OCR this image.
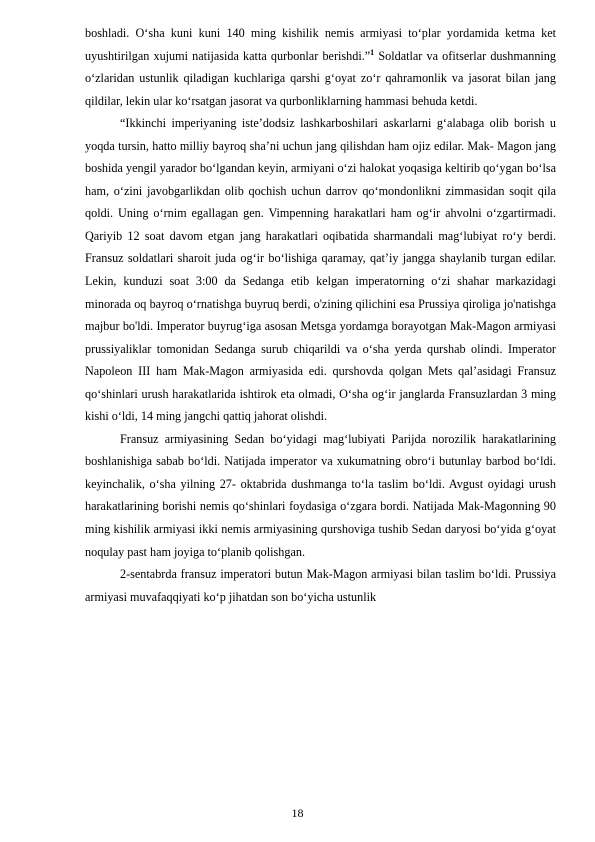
boshladi. O‘sha kuni kuni 140 ming kishilik nemis armiyasi to‘plar yordamida ketma ket uyushtirilgan xujumi natijasida katta qurbonlar berishdi.”$^1$ Soldatlar va ofitserlar dushmanning o‘zlaridan ustunlik qiladigan kuchlariga qarshi g‘oyat zo‘r qahramonlik va jasorat bilan jang qildilar, lekin ular ko‘rsatgan jasorat va qurbonliklarning hammasi behuda ketdi.

“Ikkinchi imperiyaning iste’dodsiz lashkarboshilari askarlarni g‘alabaga olib borish u yoqda tursin, hatto milliy bayroq sha’ni uchun jang qilishdan ham ojiz edilar. Mak- Magon jang boshida yengil yarador bo‘lgandan keyin, armiyani o‘zi halokat yoqasiga keltirib qo‘ygan bo‘lsa ham, o‘zini javobgarlikdan olib qochish uchun darrov qo‘mondonlikni zimmasidan soqit qila qoldi. Uning o‘rnim egallagan gen. Vimpenning harakatlari ham og‘ir ahvolni o‘zgartirmadi. Qariyib 12 soat davom etgan jang harakatlari oqibatida sharmandali mag‘lubiyat ro‘y berdi. Fransuz soldatlari sharoit juda og‘ir bo‘lishiga qaramay, qat’iy jangga shaylanib turgan edilar. Lekin, kunduzi soat 3:00 da Sedanga etib kelgan imperatorning o‘zi shahar markazidagi minorada oq bayroq o‘rnatishga buyruq berdi, o'zining qilichini esa Prussiya qiroliga jo'natishga majbur bo'ldi. Imperator buyrug‘iga asosan Metsga yordamga borayotgan Mak-Magon armiyasi prussiyaliklar tomonidan Sedanga surub chiqarildi va o‘sha yerda qurshab olindi. Imperator Napoleon III ham Mak-Magon armiyasida edi. qurshovda qolgan Mets qal’asidagi Fransuz qo‘shinlari urush harakatlarida ishtirok eta olmadi, O‘sha og‘ir janglarda Fransuzlardan 3 ming kishi o‘ldi, 14 ming jangchi qattiq jahorat olishdi.

Fransuz armiyasining Sedan bo‘yidagi mag‘lubiyati Parijda norozilik harakatlarining boshlanishiga sabab bo‘ldi. Natijada imperator va xukumatning obro‘i butunlay barbod bo‘ldi. keyinchalik, o‘sha yilning 27- oktabrida dushmanga to‘la taslim bo‘ldi. Avgust oyidagi urush harakatlarining borishi nemis qo‘shinlari foydasiga o‘zgara bordi. Natijada Mak-Magonning 90 ming kishilik armiyasi ikki nemis armiyasining qurshoviga tushib Sedan daryosi bo‘yida g‘oyat noqulay past ham joyiga to‘planib qolishgan.

2-sentabrda fransuz imperatori butun Mak-Magon armiyasi bilan taslim bo‘ldi. Prussiya armiyasi muvafaqqiyati ko‘p jihatdan son bo‘yicha ustunlik

18
